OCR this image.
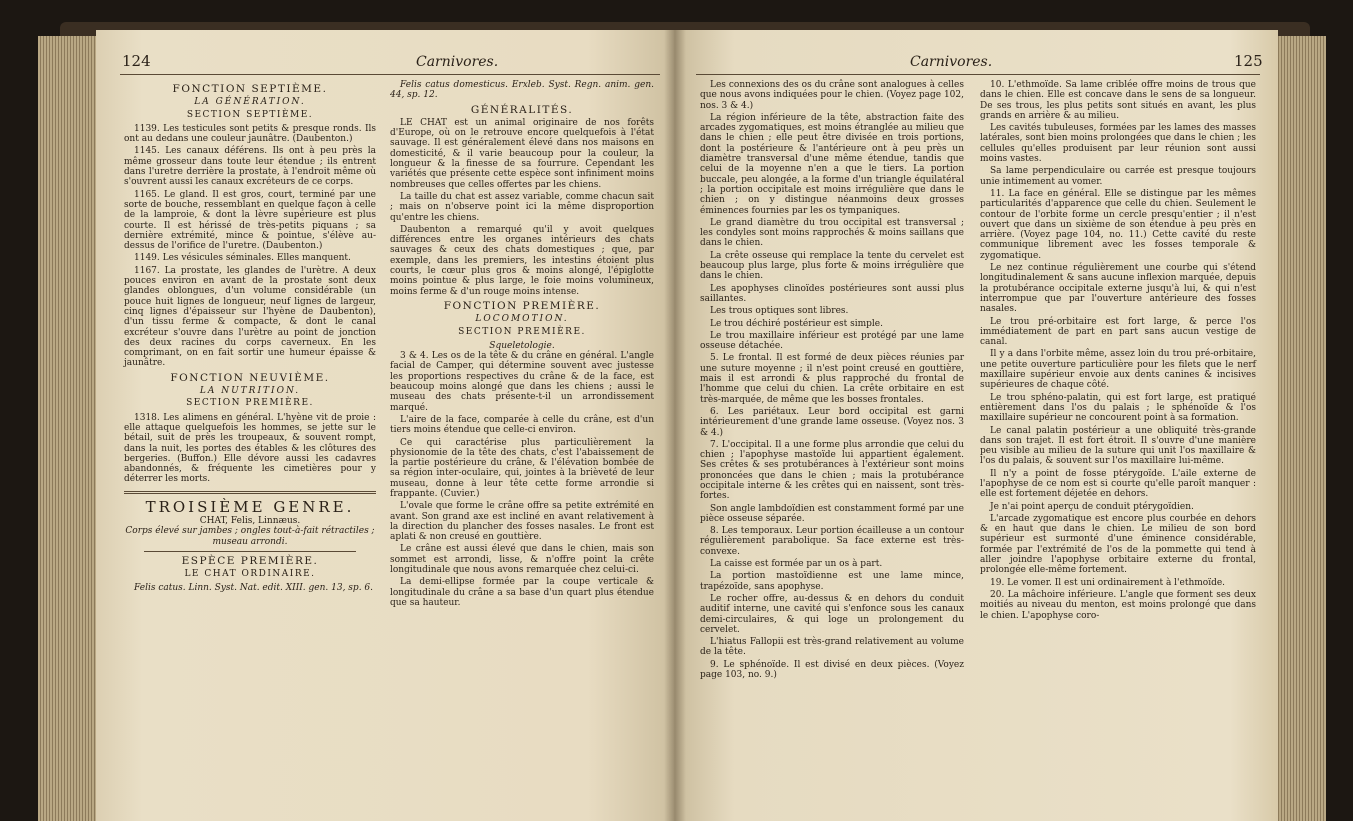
124	Carnivores.
FONCTION SEPTIÈME.
LA GÉNÉRATION.
SECTION SEPTIÈME.

1139. Les testicules sont petits & presque ronds. Ils ont au dedans une couleur jaunâtre. (Daubenton.)

1145. Les canaux déférens. Ils ont à peu près la même grosseur dans toute leur étendue ; ils entrent dans l'uretre derrière la prostate, à l'endroit même où s'ouvrent aussi les canaux excréteurs de ce corps.

1165. Le gland. Il est gros, court, terminé par une sorte de bouche, ressemblant en quelque façon à celle de la lamproie, & dont la lèvre supérieure est plus courte. Il est hérissé de très-petits piquans ; sa dernière extrémité, mince & pointue, s'élève au-dessus de l'orifice de l'uretre. (Daubenton.)

1149. Les vésicules séminales. Elles manquent.

1167. La prostate, les glandes de l'urètre. A deux pouces environ en avant de la prostate sont deux glandes oblongues, d'un volume considérable (un pouce huit lignes de longueur, neuf lignes de largeur, cinq lignes d'épaisseur sur l'hyène de Daubenton), d'un tissu ferme & compacte, & dont le canal excréteur s'ouvre dans l'urètre au point de jonction des deux racines du corps caverneux. En les comprimant, on en fait sortir une humeur épaisse & jaunâtre.

FONCTION NEUVIÈME.
LA NUTRITION.
SECTION PREMIÈRE.

1318. Les alimens en général. L'hyène vit de proie : elle attaque quelquefois les hommes, se jette sur le bétail, suit de près les troupeaux, & souvent rompt, dans la nuit, les portes des étables & les clôtures des bergeries. (Buffon.) Elle dévore aussi les cadavres abandonnés, & fréquente les cimetières pour y déterrer les morts.

TROISIÈME GENRE.
CHAT, Felis, Linnæus.
Corps élevé sur jambes ; ongles tout-à-fait rétractiles ; museau arrondi.
ESPÈCE PREMIÈRE.
LE CHAT ORDINAIRE.

Felis catus. Linn. Syst. Nat. edit. XIII. gen. 13, sp. 6.

Felis catus domesticus. Erxleb. Syst. Regn. anim. gen. 44, sp. 12.

GÉNÉRALITÉS.

LE CHAT est un animal originaire de nos forêts d'Europe, où on le retrouve encore quelquefois à l'état sauvage. Il est généralement élevé dans nos maisons en domesticité, & il varie beaucoup pour la couleur, la longueur & la finesse de sa fourrure. Cependant les variétés que présente cette espèce sont infiniment moins nombreuses que celles offertes par les chiens.

La taille du chat est assez variable, comme chacun sait ; mais on n'observe point ici la même disproportion qu'entre les chiens.

Daubenton a remarqué qu'il y avoit quelques différences entre les organes intérieurs des chats sauvages & ceux des chats domestiques ; que, par exemple, dans les premiers, les intestins étoient plus courts, le cœur plus gros & moins alongé, l'épiglotte moins pointue & plus large, le foie moins volumineux, moins ferme & d'un rouge moins intense.

FONCTION PREMIÈRE.
LOCOMOTION.
SECTION PREMIÈRE.
Squeletologie.

3 & 4. Les os de la tête & du crâne en général. L'angle facial de Camper, qui détermine souvent avec justesse les proportions respectives du crâne & de la face, est beaucoup moins alongé que dans les chiens ; aussi le museau des chats présente-t-il un arrondissement marqué.

L'aire de la face, comparée à celle du crâne, est d'un tiers moins étendue que celle-ci environ.

Ce qui caractérise plus particulièrement la physionomie de la tête des chats, c'est l'abaissement de la partie postérieure du crâne, & l'élévation bombée de sa région inter-oculaire, qui, jointes à la brièveté de leur museau, donne à leur tête cette forme arrondie si frappante. (Cuvier.)

L'ovale que forme le crâne offre sa petite extrémité en avant. Son grand axe est incliné en avant relativement à la direction du plancher des fosses nasales. Le front est aplati & non creusé en gouttière.

Le crâne est aussi élevé que dans le chien, mais son sommet est arrondi, lisse, & n'offre point la crête longitudinale que nous avons remarquée chez celui-ci.

La demi-ellipse formée par la coupe verticale & longitudinale du crâne a sa base d'un quart plus étendue que sa hauteur.

Carnivores.	125

Les connexions des os du crâne sont analogues à celles que nous avons indiquées pour le chien. (Voyez page 102, nos. 3 & 4.)

La région inférieure de la tête, abstraction faite des arcades zygomatiques, est moins étranglée au milieu que dans le chien ; elle peut être divisée en trois portions, dont la postérieure & l'antérieure ont à peu près un diamètre transversal d'une même étendue, tandis que celui de la moyenne n'en a que le tiers. La portion buccale, peu alongée, a la forme d'un triangle équilatéral ; la portion occipitale est moins irrégulière que dans le chien ; on y distingue néanmoins deux grosses éminences fournies par les os tympaniques.

Le grand diamètre du trou occipital est transversal ; les condyles sont moins rapprochés & moins saillans que dans le chien.

La crête osseuse qui remplace la tente du cervelet est beaucoup plus large, plus forte & moins irrégulière que dans le chien.

Les apophyses clinoïdes postérieures sont aussi plus saillantes.

Les trous optiques sont libres.

Le trou déchiré postérieur est simple.

Le trou maxillaire inférieur est protégé par une lame osseuse détachée.

5. Le frontal. Il est formé de deux pièces réunies par une suture moyenne ; il n'est point creusé en gouttière, mais il est arrondi & plus rapproché du frontal de l'homme que celui du chien. La crête orbitaire en est très-marquée, de même que les bosses frontales.

6. Les pariétaux. Leur bord occipital est garni intérieurement d'une grande lame osseuse. (Voyez nos. 3 & 4.)

7. L'occipital. Il a une forme plus arrondie que celui du chien ; l'apophyse mastoïde lui appartient également. Ses crêtes & ses protubérances à l'extérieur sont moins prononcées que dans le chien ; mais la protubérance occipitale interne & les crêtes qui en naissent, sont très-fortes.

Son angle lambdoïdien est constamment formé par une pièce osseuse séparée.

8. Les temporaux. Leur portion écailleuse a un contour régulièrement parabolique. Sa face externe est très-convexe.

La caisse est formée par un os à part.

La portion mastoïdienne est une lame mince, trapézoïde, sans apophyse.

Le rocher offre, au-dessus & en dehors du conduit auditif interne, une cavité qui s'enfonce sous les canaux demi-circulaires, & qui loge un prolongement du cervelet.

L'hiatus Fallopii est très-grand relativement au volume de la tête.

9. Le sphénoïde. Il est divisé en deux pièces. (Voyez page 103, no. 9.)

10. L'ethmoïde. Sa lame criblée offre moins de trous que dans le chien. Elle est concave dans le sens de sa longueur. De ses trous, les plus petits sont situés en avant, les plus grands en arrière & au milieu.

Les cavités tubuleuses, formées par les lames des masses latérales, sont bien moins prolongées que dans le chien ; les cellules qu'elles produisent par leur réunion sont aussi moins vastes.

Sa lame perpendiculaire ou carrée est presque toujours unie intimement au vomer.

11. La face en général. Elle se distingue par les mêmes particularités d'apparence que celle du chien. Seulement le contour de l'orbite forme un cercle presqu'entier ; il n'est ouvert que dans un sixième de son étendue à peu près en arrière. (Voyez page 104, no. 11.) Cette cavité du reste communique librement avec les fosses temporale & zygomatique.

Le nez continue régulièrement une courbe qui s'étend longitudinalement & sans aucune inflexion marquée, depuis la protubérance occipitale externe jusqu'à lui, & qui n'est interrompue que par l'ouverture antérieure des fosses nasales.

Le trou pré-orbitaire est fort large, & perce l'os immédiatement de part en part sans aucun vestige de canal.

Il y a dans l'orbite même, assez loin du trou pré-orbitaire, une petite ouverture particulière pour les filets que le nerf maxillaire supérieur envoie aux dents canines & incisives supérieures de chaque côté.

Le trou sphéno-palatin, qui est fort large, est pratiqué entièrement dans l'os du palais ; le sphénoïde & l'os maxillaire supérieur ne concourent point à sa formation.

Le canal palatin postérieur a une obliquité très-grande dans son trajet. Il est fort étroit. Il s'ouvre d'une manière peu visible au milieu de la suture qui unit l'os maxillaire & l'os du palais, & souvent sur l'os maxillaire lui-même.

Il n'y a point de fosse ptérygoïde. L'aile externe de l'apophyse de ce nom est si courte qu'elle paroît manquer : elle est fortement déjetée en dehors.

Je n'ai point aperçu de conduit ptérygoïdien.

L'arcade zygomatique est encore plus courbée en dehors & en haut que dans le chien. Le milieu de son bord supérieur est surmonté d'une éminence considérable, formée par l'extrémité de l'os de la pommette qui tend à aller joindre l'apophyse orbitaire externe du frontal, prolongée elle-même fortement.

19. Le vomer. Il est uni ordinairement à l'ethmoïde.

20. La mâchoire inférieure. L'angle que forment ses deux moitiés au niveau du menton, est moins prolongé que dans le chien. L'apophyse coro-
